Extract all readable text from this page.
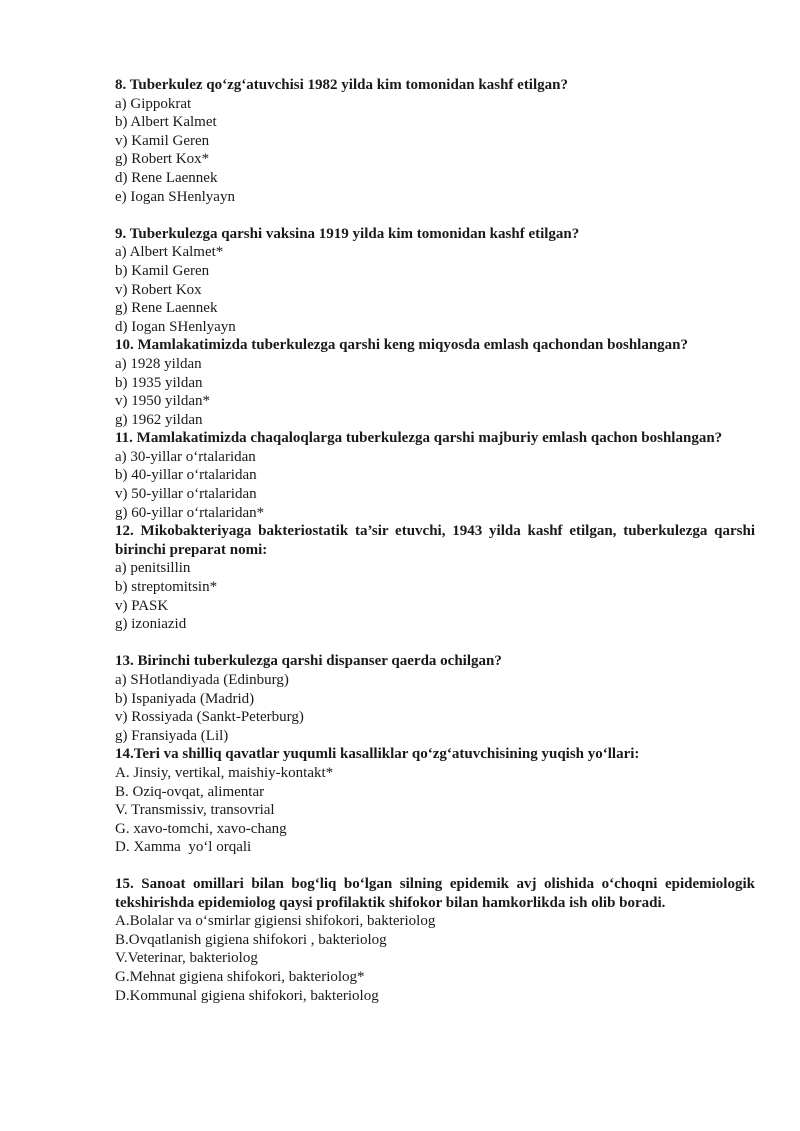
8. Tuberkulez qo‘zg‘atuvchisi 1982 yilda kim tomonidan kashf etilgan?
a) Gippokrat
b) Albert Kalmet
v) Kamil Geren
g) Robert Kox*
d) Rene Laennek
e) Iogan SHenlyayn
9. Tuberkulezga qarshi vaksina 1919 yilda kim tomonidan kashf etilgan?
a) Albert Kalmet*
b) Kamil Geren
v) Robert Kox
g) Rene Laennek
d) Iogan SHenlyayn
10. Mamlakatimizda tuberkulezga qarshi keng miqyosda emlash qachondan boshlangan?
a) 1928 yildan
b) 1935 yildan
v) 1950 yildan*
g) 1962 yildan
11. Mamlakatimizda chaqaloqlarga tuberkulezga qarshi majburiy emlash qachon boshlangan?
a) 30-yillar o‘rtalaridan
b) 40-yillar o‘rtalaridan
v) 50-yillar o‘rtalaridan
g) 60-yillar o‘rtalaridan*
12. Mikobakteriyaga bakteriostatik ta’sir etuvchi, 1943 yilda kashf etilgan, tuberkulezga qarshi birinchi preparat nomi:
a) penitsillin
b) streptomitsin*
v) PASK
g) izoniazid
13. Birinchi tuberkulezga qarshi dispanser qaerda ochilgan?
a) SHotlandiyada (Edinburg)
b) Ispaniyada (Madrid)
v) Rossiyada (Sankt-Peterburg)
g) Fransiyada (Lil)
14.Teri va shilliq qavatlar yuqumli kasalliklar qo‘zg‘atuvchisining yuqish yo‘llari:
A. Jinsiy, vertikal, maishiy-kontakt*
B. Oziq-ovqat, alimentar
V. Transmissiv, transovrial
G. xavo-tomchi, xavo-chang
D. Xamma  yo‘l orqali
15. Sanoat omillari bilan bog‘liq bo‘lgan silning epidemik avj olishida o‘choqni epidemiologik tekshirishda epidemiolog qaysi profilaktik shifokor bilan hamkorlikda ish olib boradi.
A.Bolalar va o‘smirlar gigiensi shifokori, bakteriolog
B.Ovqatlanish gigiena shifokori , bakteriolog
V.Veterinar, bakteriolog
G.Mehnat gigiena shifokori, bakteriolog*
D.Kommunal gigiena shifokori, bakteriolog
